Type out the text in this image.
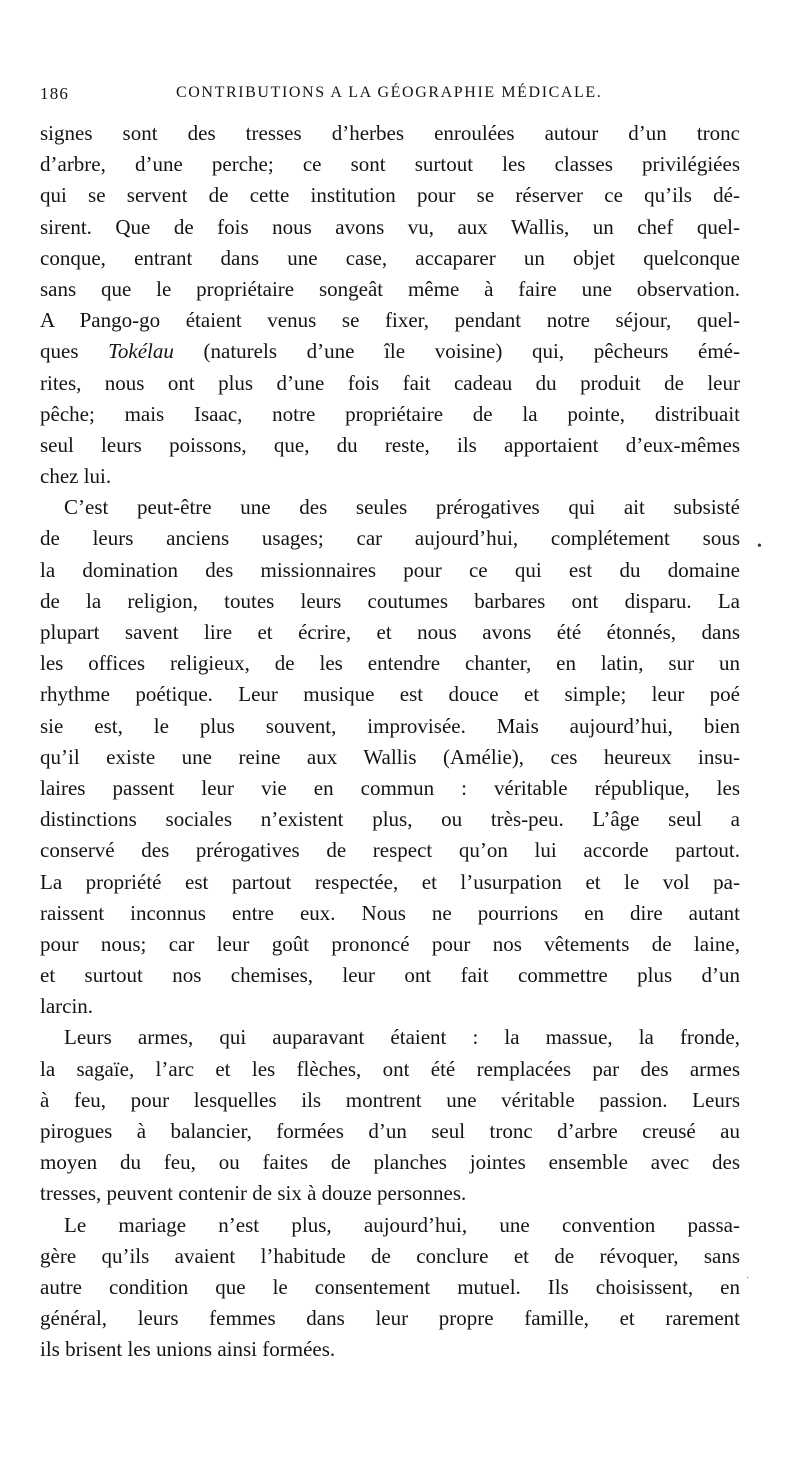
186	CONTRIBUTIONS A LA GÉOGRAPHIE MÉDICALE.
signes sont des tresses d’herbes enroulées autour d’un tronc
d’arbre, d’une perche; ce sont surtout les classes privilégiées
qui se servent de cette institution pour se réserver ce qu’ils dé-
sirent. Que de fois nous avons vu, aux Wallis, un chef quel-
conque, entrant dans une case, accaparer un objet quelconque
sans que le propriétaire songeât même à faire une observation.
A Pango-go étaient venus se fixer, pendant notre séjour, quel-
ques Tokélau (naturels d’une île voisine) qui, pêcheurs émé-
rites, nous ont plus d’une fois fait cadeau du produit de leur
pêche; mais Isaac, notre propriétaire de la pointe, distribuait
seul leurs poissons, que, du reste, ils apportaient d’eux-mêmes
chez lui.
C’est peut-être une des seules prérogatives qui ait subsisté
de leurs anciens usages; car aujourd’hui, complétement sous
la domination des missionnaires pour ce qui est du domaine
de la religion, toutes leurs coutumes barbares ont disparu. La
plupart savent lire et écrire, et nous avons été étonnés, dans
les offices religieux, de les entendre chanter, en latin, sur un
rhythme poétique. Leur musique est douce et simple; leur poé
sie est, le plus souvent, improvisée. Mais aujourd’hui, bien
qu’il existe une reine aux Wallis (Amélie), ces heureux insu-
laires passent leur vie en commun : véritable république, les
distinctions sociales n’existent plus, ou très-peu. L’âge seul a
conservé des prérogatives de respect qu’on lui accorde partout.
La propriété est partout respectée, et l’usurpation et le vol pa-
raissent inconnus entre eux. Nous ne pourrions en dire autant
pour nous; car leur goût prononcé pour nos vêtements de laine,
et surtout nos chemises, leur ont fait commettre plus d’un
larcin.
Leurs armes, qui auparavant étaient : la massue, la fronde,
la sagaïe, l’arc et les flèches, ont été remplacées par des armes
à feu, pour lesquelles ils montrent une véritable passion. Leurs
pirogues à balancier, formées d’un seul tronc d’arbre creusé au
moyen du feu, ou faites de planches jointes ensemble avec des
tresses, peuvent contenir de six à douze personnes.
Le mariage n’est plus, aujourd’hui, une convention passa-
gère qu’ils avaient l’habitude de conclure et de révoquer, sans
autre condition que le consentement mutuel. Ils choisissent, en
général, leurs femmes dans leur propre famille, et rarement
ils brisent les unions ainsi formées.
•
·
